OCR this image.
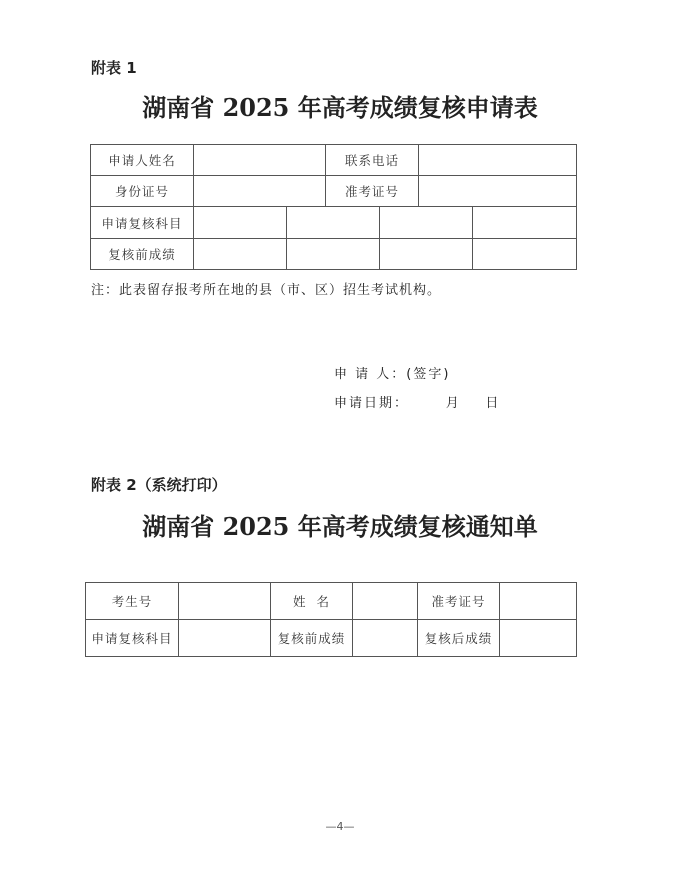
附表 1
湖南省 2025 年高考成绩复核申请表
申请人姓名			联系电话			
身份证号			准考证号			
申请复核科目						
复核前成绩						
注：此表留存报考所在地的县（市、区）招生考试机构。
申 请 人：(签字)
申请日期：      月    日
附表 2（系统打印）
湖南省 2025 年高考成绩复核通知单
考生号		姓  名		准考证号	
申请复核科目		复核前成绩		复核后成绩	
—4—
